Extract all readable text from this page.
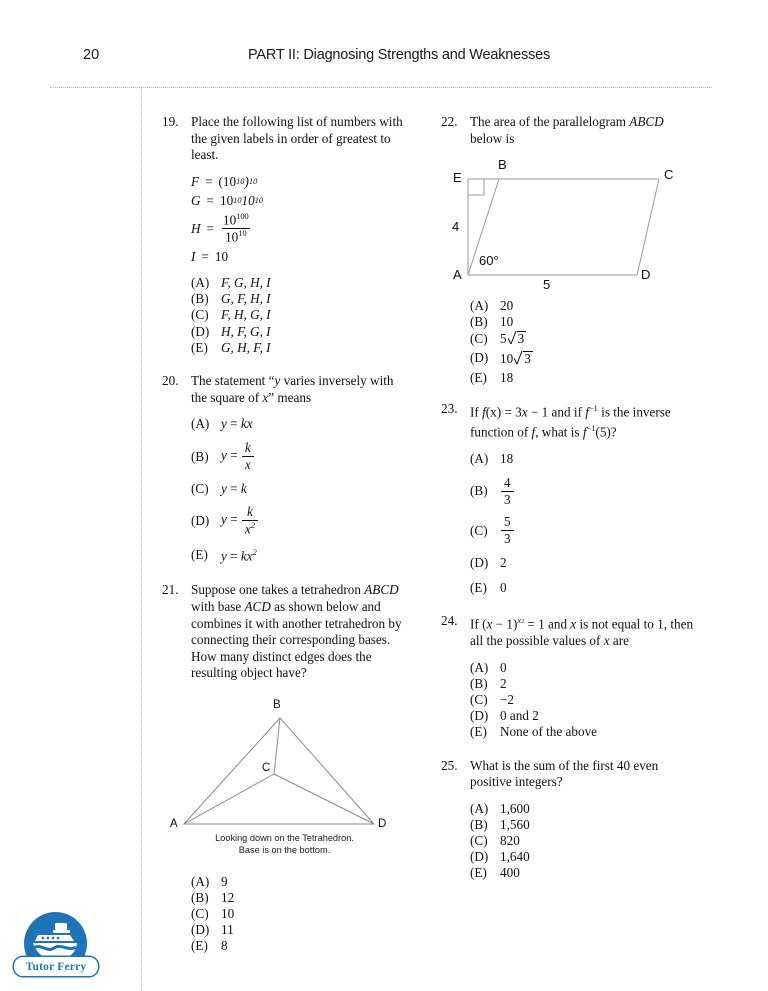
20	PART II: Diagnosing Strengths and Weaknesses
19. Place the following list of numbers with the given labels in order of greatest to least.
F = (10 10 ) 10
G = 10 10 10 10
$H = \frac{10^{100}}{10^{10}}$
I = 10
(A) F, G, H, I
(B) G, F, H, I
(C) F, H, G, I
(D) H, F, G, I
(E) G, H, F, I
20. The statement “y varies inversely with the square of x” means
(A) y = kx
(B) $y = \frac{k}{x}$
(C) y = k
(D) $y = \frac{k}{x^2}$
(E) $y = kx^2$
21. Suppose one takes a tetrahedron ABCD with base ACD as shown below and combines it with another tetrahedron by connecting their corresponding bases. How many distinct edges does the resulting object have?
B
C
A	D
Looking down on the Tetrahedron.
Base is on the bottom.
(A) 9
(B) 12
(C) 10
(D) 11
(E) 8
22. The area of the parallelogram ABCD below is
E
B
C
A	D
4
5
60°
(A) 20
(B) 10
(C) 5 3
(D) 10 3
(E) 18
23. If f(x) = 3x − 1 and if $f^{-1}$ is the inverse function of f, what is $f^{-1}(5)$?
(A) 18
(B)	$\frac{4}{3}$
(C)	$\frac{5}{3}$
(D) 2
(E) 0
24. If $(x - 1)^{x2} = 1$ and x is not equal to 1, then all the possible values of x are
(A) 0
(B) 2
(C) −2
(D) 0 and 2
(E) None of the above
25. What is the sum of the first 40 even positive integers?
(A) 1,600
(B) 1,560
(C) 820
(D) 1,640
(E) 400
Tutor Ferry
